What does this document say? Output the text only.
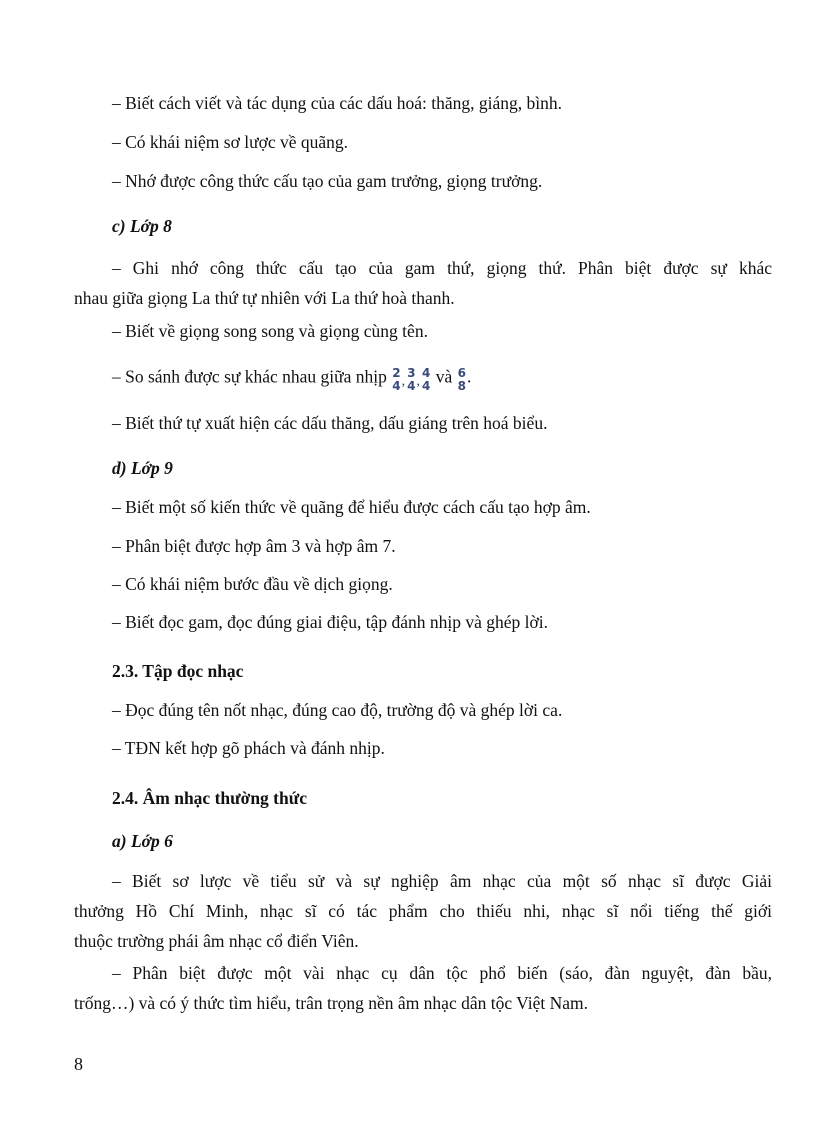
– Biết cách viết và tác dụng của các dấu hoá: thăng, giáng, bình.
– Có khái niệm sơ lược về quãng.
– Nhớ được công thức cấu tạo của gam trưởng, giọng trưởng.
c) Lớp 8
– Ghi nhớ công thức cấu tạo của gam thứ, giọng thứ. Phân biệt được sự khác
nhau giữa giọng La thứ tự nhiên với La thứ hoà thanh.
– Biết về giọng song song và giọng cùng tên.
– So sánh được sự khác nhau giữa nhịp 2
4 ,
3
4 ,
4
4 và 6
8 .
– Biết thứ tự xuất hiện các dấu thăng, dấu giáng trên hoá biểu.
d) Lớp 9
– Biết một số kiến thức về quãng để hiểu được cách cấu tạo hợp âm.
– Phân biệt được hợp âm 3 và hợp âm 7.
– Có khái niệm bước đầu về dịch giọng.
– Biết đọc gam, đọc đúng giai điệu, tập đánh nhịp và ghép lời.
2.3. Tập đọc nhạc
– Đọc đúng tên nốt nhạc, đúng cao độ, trường độ và ghép lời ca.
– TĐN kết hợp gõ phách và đánh nhịp.
2.4. Âm nhạc thường thức
a) Lớp 6
– Biết sơ lược về tiểu sử và sự nghiệp âm nhạc của một số nhạc sĩ được Giải
thưởng Hồ Chí Minh, nhạc sĩ có tác phẩm cho thiếu nhi, nhạc sĩ nổi tiếng thế giới
thuộc trường phái âm nhạc cổ điển Viên.
– Phân biệt được một vài nhạc cụ dân tộc phổ biến (sáo, đàn nguyệt, đàn bầu,
trống…) và có ý thức tìm hiểu, trân trọng nền âm nhạc dân tộc Việt Nam.
8
